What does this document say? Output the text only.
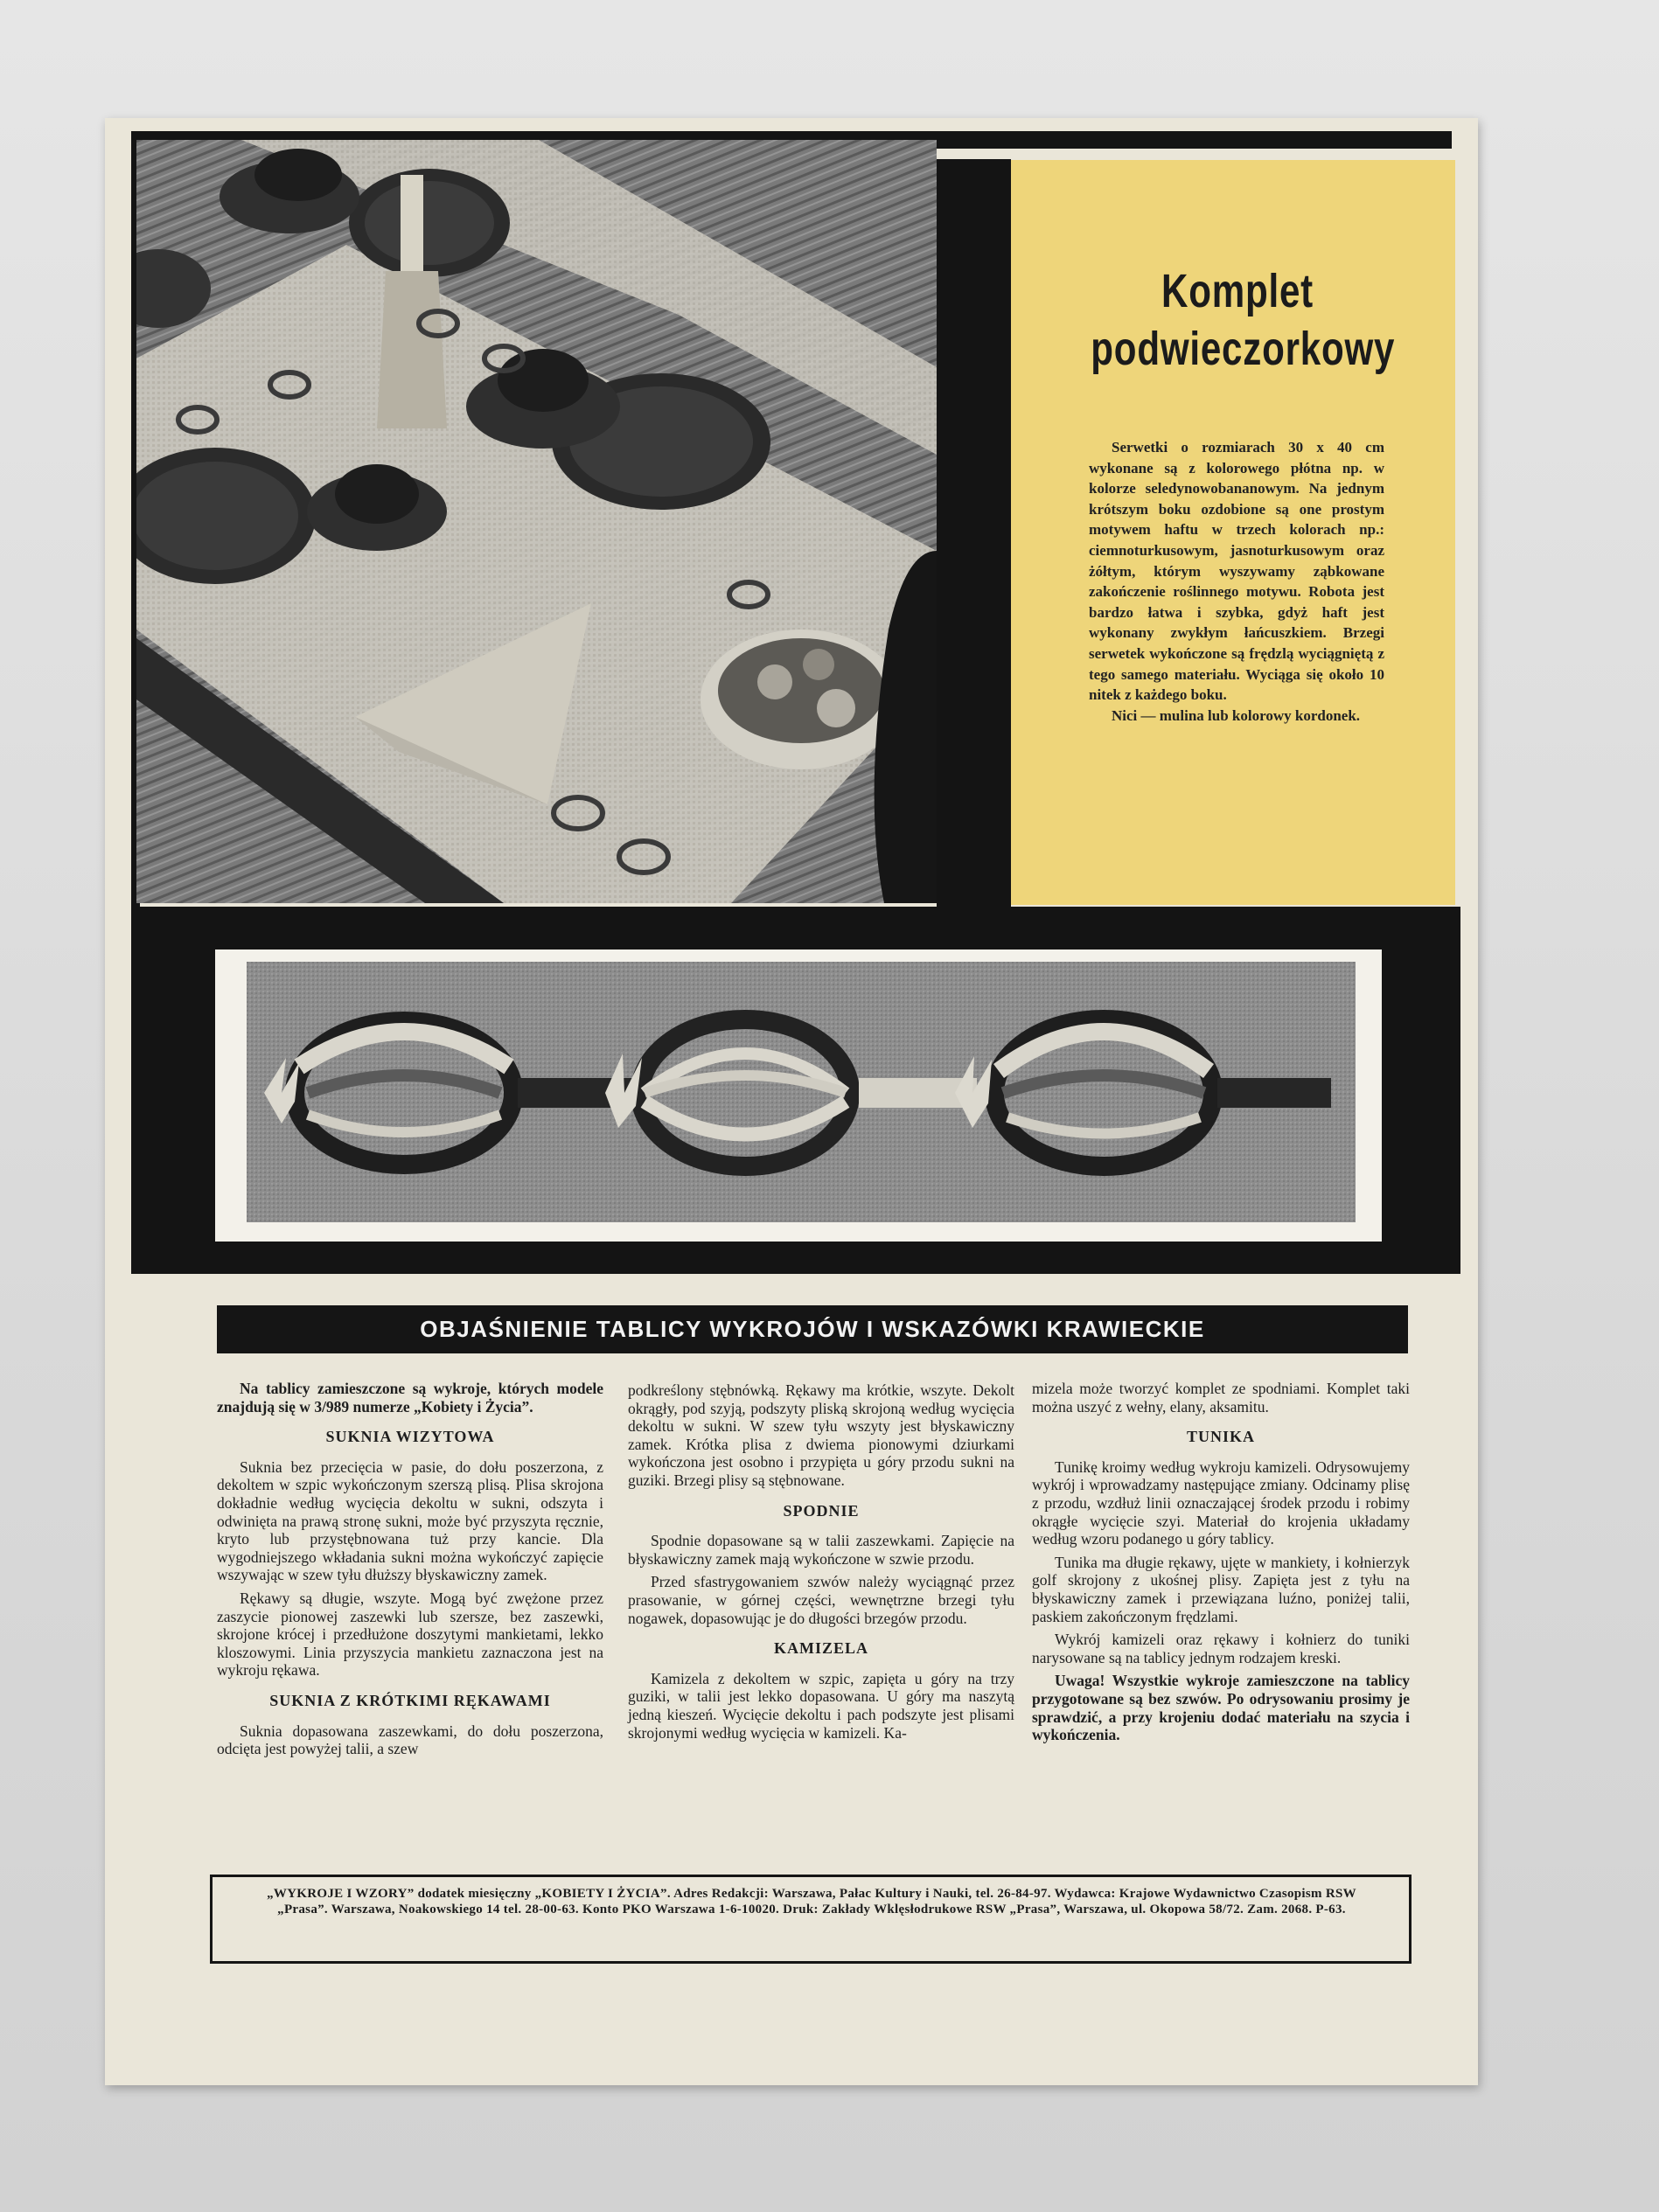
Komplet
podwieczorkowy

Serwetki o rozmiarach 30 x 40 cm wykonane są z kolorowego płótna np. w kolorze seledynowobananowym. Na jednym krótszym boku ozdobione są one prostym motywem haftu w trzech kolorach np.: ciemnoturkusowym, jasnoturkusowym oraz żółtym, którym wyszywamy ząbkowane zakończenie roślinnego motywu. Robota jest bardzo łatwa i szybka, gdyż haft jest wykonany zwykłym łańcuszkiem. Brzegi serwetek wykończone są frędzlą wyciągniętą z tego samego materiału. Wyciąga się około 10 nitek z każdego boku.

Nici — mulina lub kolorowy kordonek.

OBJAŚNIENIE TABLICY WYKROJÓW I WSKAZÓWKI KRAWIECKIE

Na tablicy zamieszczone są wykroje, których modele znajdują się w 3/989 numerze „Kobiety i Życia”.

SUKNIA WIZYTOWA

Suknia bez przecięcia w pasie, do dołu poszerzona, z dekoltem w szpic wykończonym szerszą plisą. Plisa skrojona dokładnie według wycięcia dekoltu w sukni, odszyta i odwinięta na prawą stronę sukni, może być przyszyta ręcznie, kryto lub przystębnowana tuż przy kancie. Dla wygodniejszego wkładania sukni można wykończyć zapięcie wszywając w szew tyłu dłuższy błyskawiczny zamek.

Rękawy są długie, wszyte. Mogą być zwężone przez zaszycie pionowej zaszewki lub szersze, bez zaszewki, skrojone krócej i przedłużone doszytymi mankietami, lekko kloszowymi. Linia przyszycia mankietu zaznaczona jest na wykroju rękawa.

SUKNIA Z KRÓTKIMI RĘKAWAMI

Suknia dopasowana zaszewkami, do dołu poszerzona, odcięta jest powyżej talii, a szew

podkreślony stębnówką. Rękawy ma krótkie, wszyte. Dekolt okrągły, pod szyją, podszyty pliską skrojoną według wycięcia dekoltu w sukni. W szew tyłu wszyty jest błyskawiczny zamek. Krótka plisa z dwiema pionowymi dziurkami wykończona jest osobno i przypięta u góry przodu sukni na guziki. Brzegi plisy są stębnowane.

SPODNIE

Spodnie dopasowane są w talii zaszewkami. Zapięcie na błyskawiczny zamek mają wykończone w szwie przodu.

Przed sfastrygowaniem szwów należy wyciągnąć przez prasowanie, w górnej części, wewnętrzne brzegi tyłu nogawek, dopasowując je do długości brzegów przodu.

KAMIZELA

Kamizela z dekoltem w szpic, zapięta u góry na trzy guziki, w talii jest lekko dopasowana. U góry ma naszytą jedną kieszeń. Wycięcie dekoltu i pach podszyte jest plisami skrojonymi według wycięcia w kamizeli. Ka-

mizela może tworzyć komplet ze spodniami. Komplet taki można uszyć z wełny, elany, aksamitu.

TUNIKA

Tunikę kroimy według wykroju kamizeli. Odrysowujemy wykrój i wprowadzamy następujące zmiany. Odcinamy plisę z przodu, wzdłuż linii oznaczającej środek przodu i robimy okrągłe wycięcie szyi. Materiał do krojenia układamy według wzoru podanego u góry tablicy.

Tunika ma długie rękawy, ujęte w mankiety, i kołnierzyk golf skrojony z ukośnej plisy. Zapięta jest z tyłu na błyskawiczny zamek i przewiązana luźno, poniżej talii, paskiem zakończonym frędzlami.

Wykrój kamizeli oraz rękawy i kołnierz do tuniki narysowane są na tablicy jednym rodzajem kreski.

Uwaga! Wszystkie wykroje zamieszczone na tablicy przygotowane są bez szwów. Po odrysowaniu prosimy je sprawdzić, a przy krojeniu dodać materiału na szycia i wykończenia.

„WYKROJE I WZORY” dodatek miesięczny „KOBIETY I ŻYCIA”. Adres Redakcji: Warszawa, Pałac Kultury i Nauki, tel. 26-84-97. Wydawca: Krajowe Wydawnictwo Czasopism RSW „Prasa”. Warszawa, Noakowskiego 14 tel. 28-00-63. Konto PKO Warszawa 1-6-10020. Druk: Zakłady Wklęsłodrukowe RSW „Prasa”, Warszawa, ul. Okopowa 58/72. Zam. 2068. P-63.
